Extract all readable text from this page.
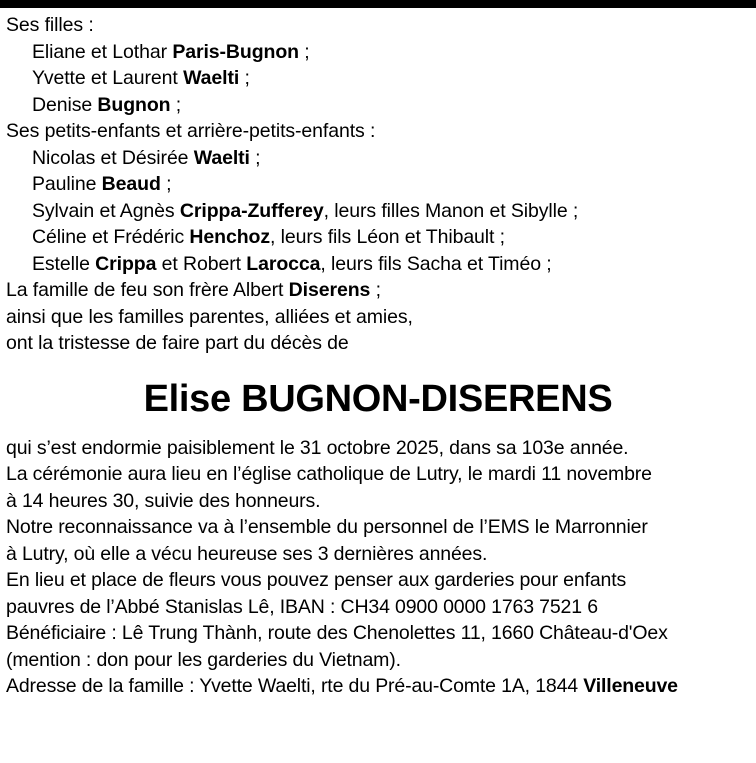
Ses filles :
Eliane et Lothar Paris-Bugnon ;
Yvette et Laurent Waelti ;
Denise Bugnon ;
Ses petits-enfants et arrière-petits-enfants :
Nicolas et Désirée Waelti ;
Pauline Beaud ;
Sylvain et Agnès Crippa-Zufferey, leurs filles Manon et Sibylle ;
Céline et Frédéric Henchoz, leurs fils Léon et Thibault ;
Estelle Crippa et Robert Larocca, leurs fils Sacha et Timéo ;
La famille de feu son frère Albert Diserens ;
ainsi que les familles parentes, alliées et amies,
ont la tristesse de faire part du décès de
Elise BUGNON-DISERENS
qui s’est endormie paisiblement le 31 octobre 2025, dans sa 103e année.
La cérémonie aura lieu en l’église catholique de Lutry, le mardi 11 novembre
à 14 heures 30, suivie des honneurs.
Notre reconnaissance va à l’ensemble du personnel de l’EMS le Marronnier
à Lutry, où elle a vécu heureuse ses 3 dernières années.
En lieu et place de fleurs vous pouvez penser aux garderies pour enfants
pauvres de l’Abbé Stanislas Lê, IBAN : CH34 0900 0000 1763 7521 6
Bénéficiaire : Lê Trung Thành, route des Chenolettes 11, 1660 Château-d'Oex
(mention : don pour les garderies du Vietnam).
Adresse de la famille : Yvette Waelti, rte du Pré-au-Comte 1A, 1844 Villeneuve
